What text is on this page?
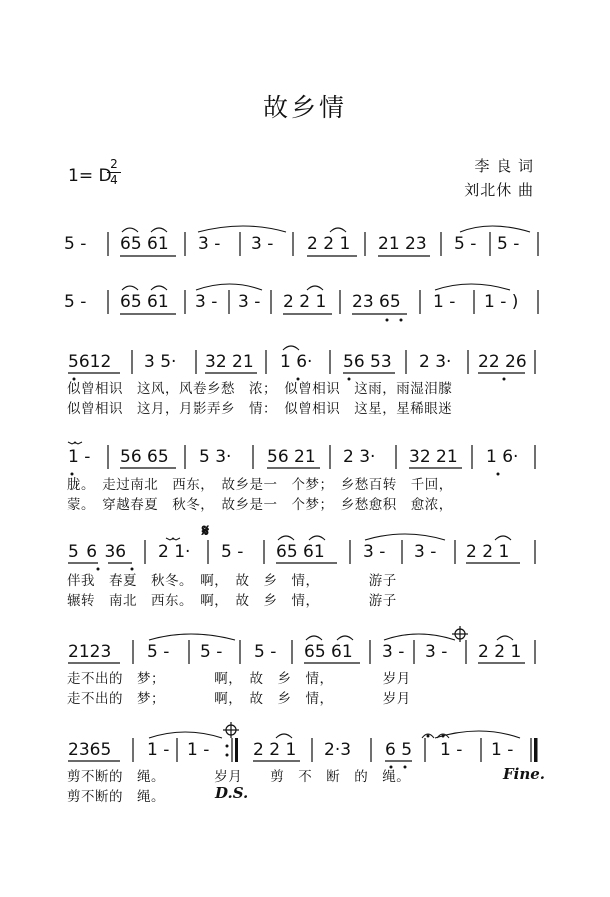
故乡情
1= D
2
4
李 良 词
刘北休 曲
5 - 65 61 3 - 3 - 2 2 1 21 23 5 - 5 -
5 - 65 61 3 - 3 - 2 2 1 23 65 1 - 1 - )
5612 3 5· 32 21 1 6· 56 53 2 3· 22 26
似曾相识　这风，风卷乡愁　浓；　似曾相识　这雨，雨湿泪朦
似曾相识　这月，月影弄乡　情：　似曾相识　这星，星稀眼迷
1 - 56 65 5 3· 56 21 2 3· 32 21 1 6·
胧。　走过南北　西东，　故乡是一　个梦；　乡愁百转　千回，
蒙。　穿越春夏　秋冬，　故乡是一　个梦；　乡愁愈积　愈浓，
5 6 36 2 1· 5 - 65 61 3 - 3 - 2 2 1
伴我　春夏　秋冬。　啊，　故　乡　情，　　　　游子
辗转　南北　西东。　啊，　故　乡　情，　　　　游子
2123 5 - 5 - 5 - 65 61 3 - 3 - 2 2 1
走不出的　梦；　　　　啊，　故　乡　情，　　　　岁月
走不出的　梦；　　　　啊，　故　乡　情，　　　　岁月
2365 1 - 1 -	2 2 1 2·3 6 5 1 - 1 -
剪不断的　绳。　　　　岁月　　剪　不　断　的　绳。
剪不断的　绳。
Fine.
D.S.
𝄋
